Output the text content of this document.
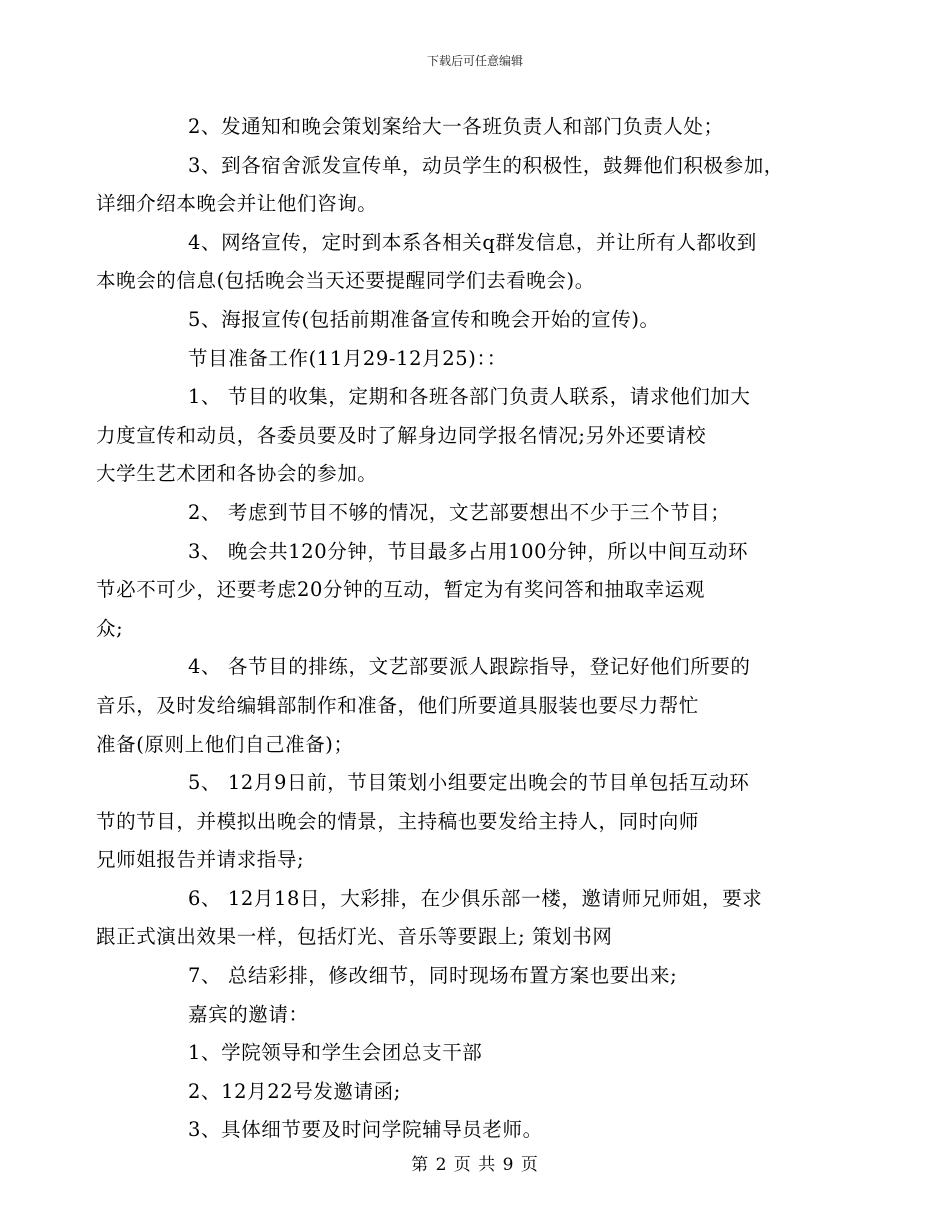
下载后可任意编辑
2、发通知和晚会策划案给大一各班负责人和部门负责人处；
3、到各宿舍派发宣传单，动员学生的积极性，鼓舞他们积极参加，
详细介绍本晚会并让他们咨询。
4、网络宣传，定时到本系各相关q群发信息，并让所有人都收到
本晚会的信息(包括晚会当天还要提醒同学们去看晚会)。
5、海报宣传(包括前期准备宣传和晚会开始的宣传)。
节目准备工作(11月29-12月25)：：
1、 节目的收集，定期和各班各部门负责人联系，请求他们加大
力度宣传和动员，各委员要及时了解身边同学报名情况;另外还要请校
大学生艺术团和各协会的参加。
2、 考虑到节目不够的情况，文艺部要想出不少于三个节目；
3、 晚会共120分钟，节目最多占用100分钟，所以中间互动环
节必不可少，还要考虑20分钟的互动，暂定为有奖问答和抽取幸运观
众;
4、 各节目的排练，文艺部要派人跟踪指导，登记好他们所要的
音乐，及时发给编辑部制作和准备，他们所要道具服装也要尽力帮忙
准备(原则上他们自己准备)；
5、 12月9日前，节目策划小组要定出晚会的节目单包括互动环
节的节目，并模拟出晚会的情景，主持稿也要发给主持人，同时向师
兄师姐报告并请求指导;
6、 12月18日，大彩排，在少俱乐部一楼，邀请师兄师姐，要求
跟正式演出效果一样，包括灯光、音乐等要跟上; 策划书网
7、 总结彩排，修改细节，同时现场布置方案也要出来;
嘉宾的邀请：
1、学院领导和学生会团总支干部
2、12月22号发邀请函;
3、具体细节要及时问学院辅导员老师。
第 2 页 共 9 页
